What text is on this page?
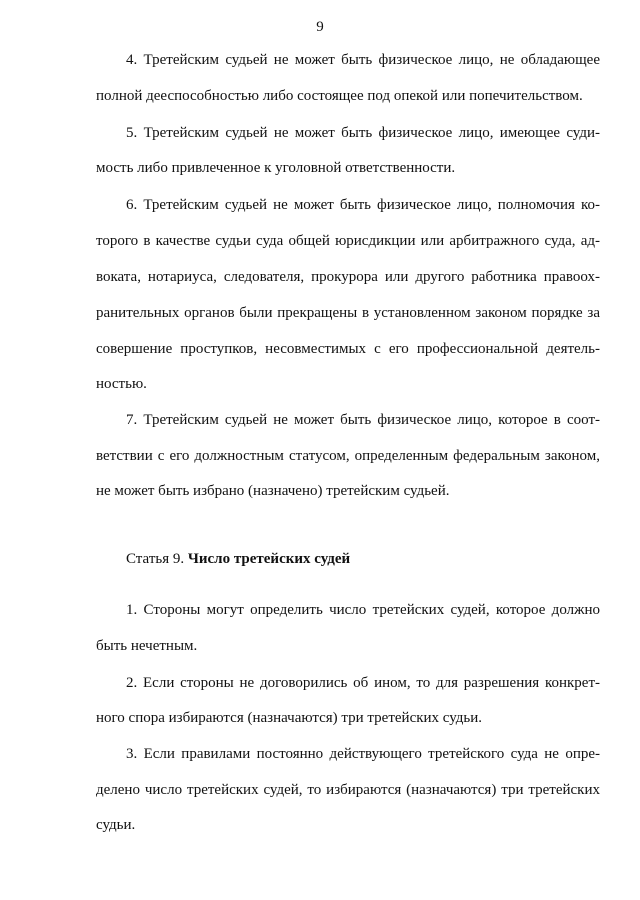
9
4. Третейским судьей не может быть физическое лицо, не обладающее
полной дееспособностью либо состоящее под опекой или попечительством.
5. Третейским судьей не может быть физическое лицо, имеющее суди-
мость либо привлеченное к уголовной ответственности.
6. Третейским судьей не может быть физическое лицо, полномочия ко-
торого в качестве судьи суда общей юрисдикции или арбитражного суда, ад-
воката, нотариуса, следователя, прокурора или другого работника правоох-
ранительных органов были прекращены в установленном законом порядке за
совершение проступков, несовместимых с его профессиональной деятель-
ностью.
7. Третейским судьей не может быть физическое лицо, которое в соот-
ветствии с его должностным статусом, определенным федеральным законом,
не может быть избрано (назначено) третейским судьей.
Статья 9. Число третейских судей
1. Стороны могут определить число третейских судей, которое должно
быть нечетным.
2. Если стороны не договорились об ином, то для разрешения конкрет-
ного спора избираются (назначаются) три третейских судьи.
3. Если правилами постоянно действующего третейского суда не опре-
делено число третейских судей, то избираются (назначаются) три третейских
судьи.
